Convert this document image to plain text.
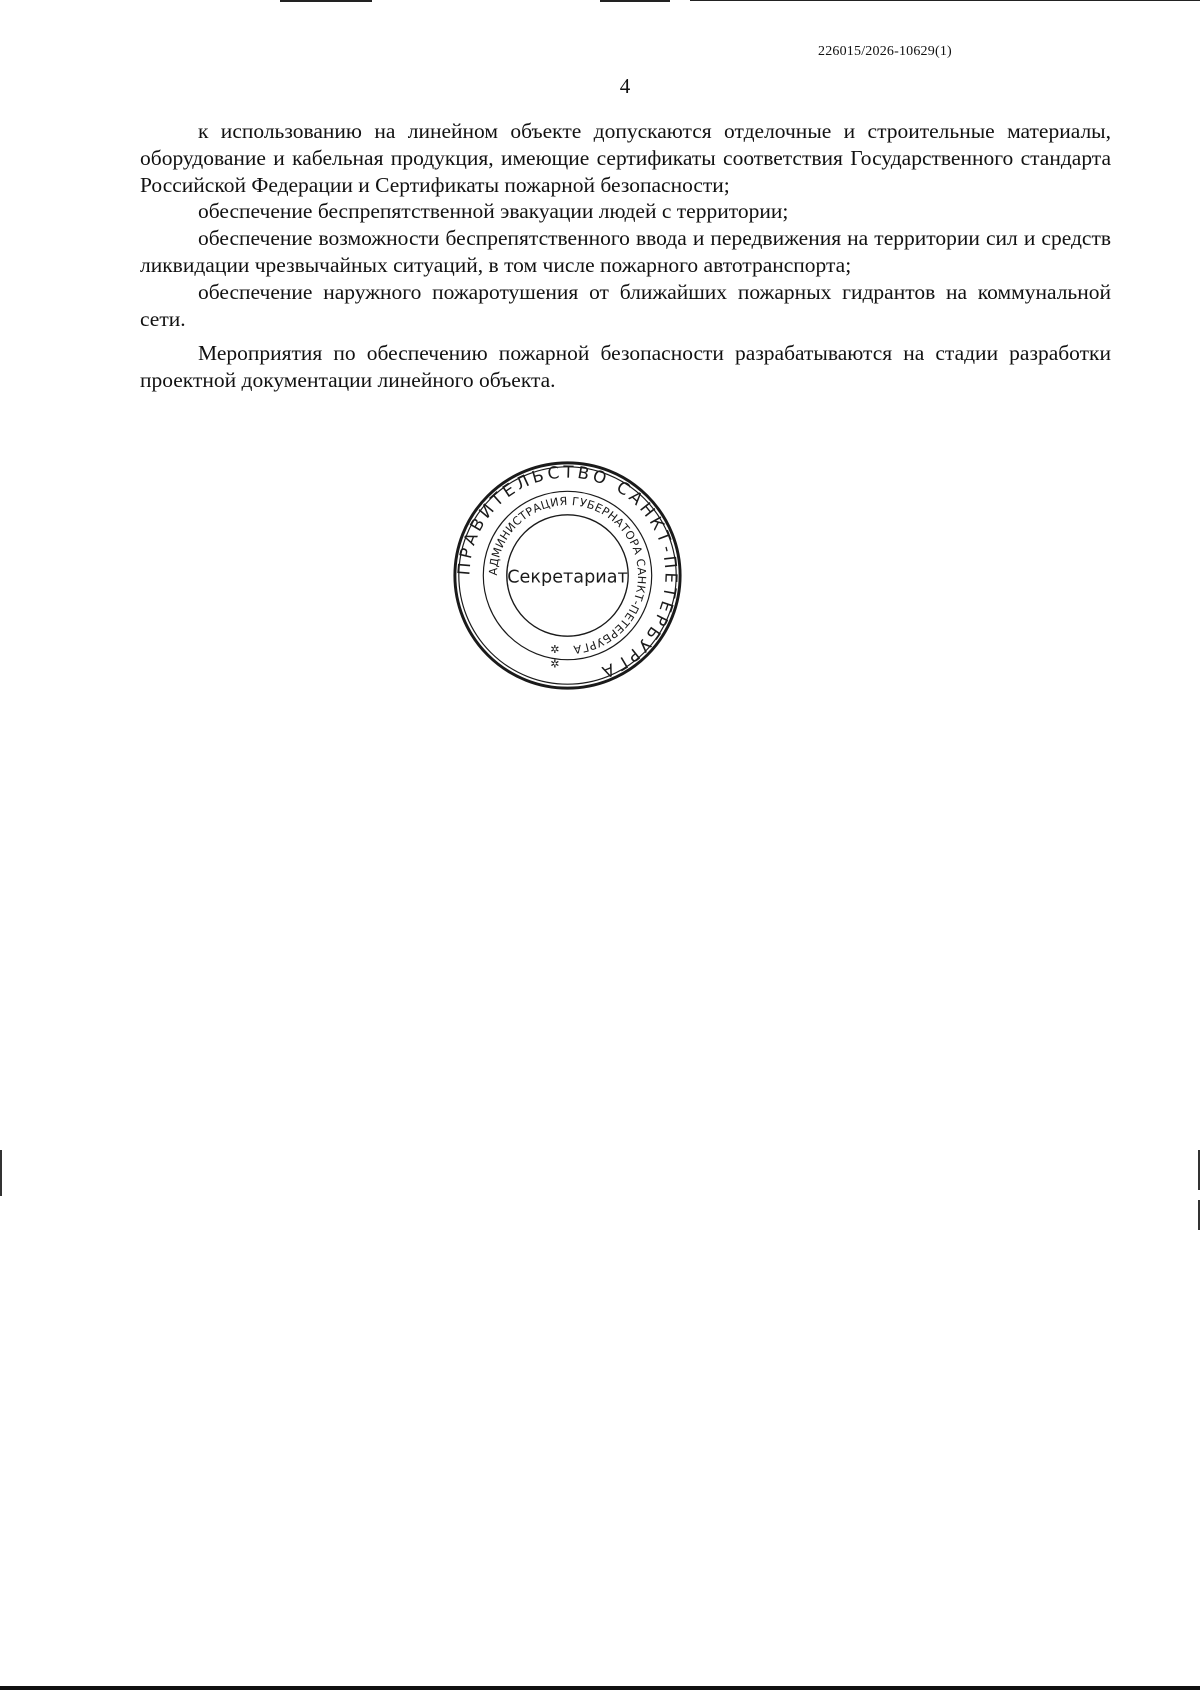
226015/2026-10629(1)
4

к использованию на линейном объекте допускаются отделочные и строительные материалы, оборудование и кабельная продукция, имеющие сертификаты соответствия Государственного стандарта Российской Федерации и Сертификаты пожарной безопасности;

обеспечение беспрепятственной эвакуации людей с территории;

обеспечение возможности беспрепятственного ввода и передвижения на территории сил и средств ликвидации чрезвычайных ситуаций, в том числе пожарного автотранспорта;

обеспечение наружного пожаротушения от ближайших пожарных гидрантов на коммунальной сети.

Мероприятия по обеспечению пожарной безопасности разрабатываются на стадии разработки проектной документации линейного объекта.

ПРАВИТЕЛЬСТВО САНКТ-ПЕТЕРБУРГА
АДМИНИСТРАЦИЯ ГУБЕРНАТОРА САНКТ-ПЕТЕРБУРГА
Секретариат
✲
✲
